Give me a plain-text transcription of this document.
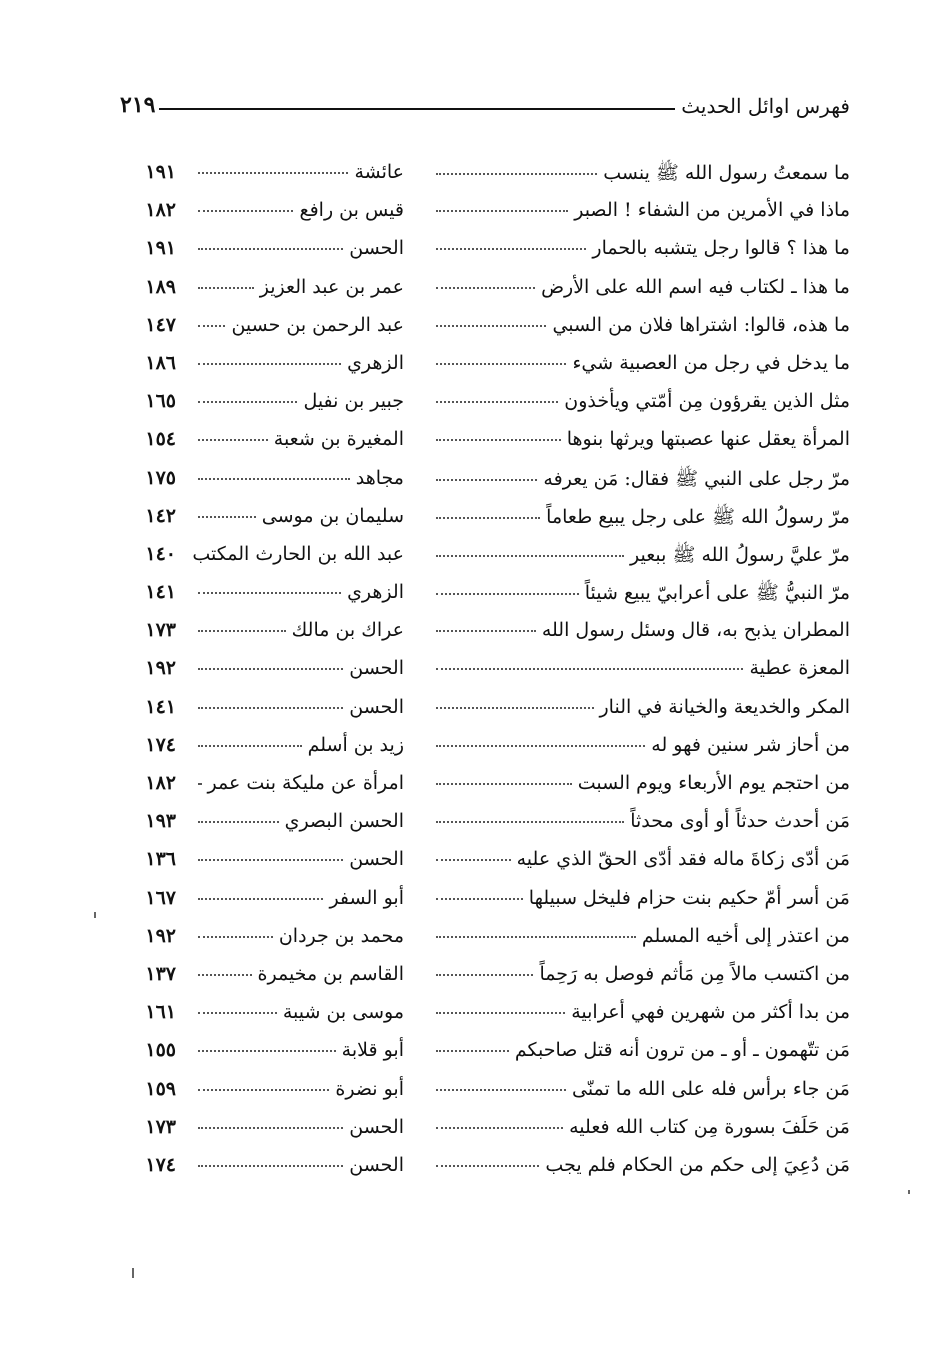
فهرس اوائل الحديث
٢١٩
ما سمعتُ رسول الله ﷺ ينسب
عائشة
١٩١
ماذا في الأمرين من الشفاء ! الصبر
قيس بن رافع
١٨٢
ما هذا ؟ قالوا رجل يتشبه بالحمار
الحسن
١٩١
ما هذا ـ لكتاب فيه اسم الله على الأرض
عمر بن عبد العزيز
١٨٩
ما هذه، قالوا: اشتراها فلان من السبي
عبد الرحمن بن حسين
١٤٧
ما يدخل في رجل من العصبية شيء
الزهري
١٨٦
مثل الذين يقرؤون مِن أمّتي ويأخذون
جبير بن نفيل
١٦٥
المرأة يعقل عنها عصبتها ويرثها بنوها
المغيرة بن شعبة
١٥٤
مرّ رجل على النبي ﷺ فقال: مَن يعرفه
مجاهد
١٧٥
مرّ رسولُ الله ﷺ على رجل يبيع طعاماً
سليمان بن موسى
١٤٢
مرّ عليَّ رسولُ الله ﷺ ببعير
عبد الله بن الحارث المكتب
١٤٠
مرّ النبيُّ ﷺ على أعرابيّ يبيع شيئاً
الزهري
١٤١
المطران يذبح به، قال وسئل رسول الله
عراك بن مالك
١٧٣
المعزة عطية
الحسن
١٩٢
المكر والخديعة والخيانة في النار
الحسن
١٤١
من أحاز شر سنين فهو له
زيد بن أسلم
١٧٤
من احتجم يوم الأربعاء ويوم السبت
امرأة عن مليكة بنت عمر
١٨٢
مَن أحدث حدثاً أو أوى محدثاً
الحسن البصري
١٩٣
مَن أدّى زكاةَ ماله فقد أدّى الحقّ الذي عليه
الحسن
١٣٦
مَن أسر أمّ حكيم بنت حزام فليخل سبيلها
أبو السفر
١٦٧
من اعتذر إلى أخيه المسلم
محمد بن جردان
١٩٢
من اكتسب مالاً مِن مَأثم فوصل به رَحِماً
القاسم بن مخيمرة
١٣٧
من بدا أكثر من شهرين فهي أعرابية
موسى بن شيبة
١٦١
مَن تتّهمون ـ أو ـ من ترون أنه قتل صاحبكم
أبو قلابة
١٥٥
مَن جاء برأس فله على الله ما تمنّى
أبو نضرة
١٥٩
مَن حَلَفَ بسورة مِن كتاب الله فعليه
الحسن
١٧٣
مَن دُعِيَ إلى حكم من الحكام فلم يجب
الحسن
١٧٤
